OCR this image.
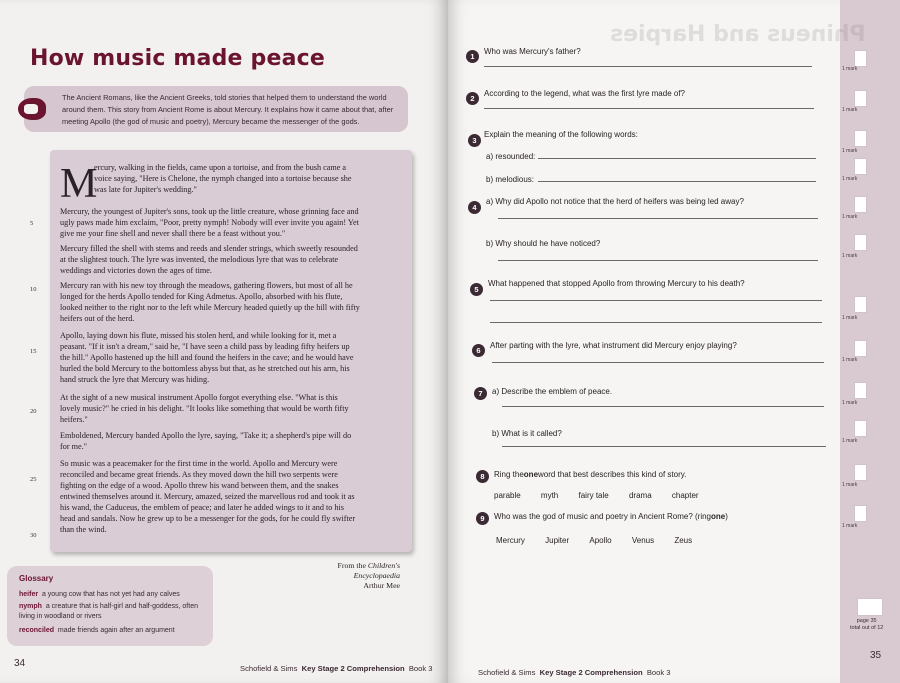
How music made peace
The Ancient Romans, like the Ancient Greeks, told stories that helped them to understand the world around them. This story from Ancient Rome is about Mercury. It explains how it came about that, after meeting Apollo (the god of music and poetry), Mercury became the messenger of the gods.
M

ercury, walking in the fields, came upon a tortoise, and from the bush came a voice saying, "Here is Chelone, the nymph changed into a tortoise because she was late for Jupiter's wedding."

Mercury, the youngest of Jupiter's sons, took up the little creature, whose grinning face and ugly paws made him exclaim, "Poor, pretty nymph! Nobody will ever invite you again! Yet give me your fine shell and never shall there be a feast without you."

Mercury filled the shell with stems and reeds and slender strings, which sweetly resounded at the slightest touch. The lyre was invented, the melodious lyre that was to celebrate weddings and victories down the ages of time.

Mercury ran with his new toy through the meadows, gathering flowers, but most of all he longed for the herds Apollo tended for King Admetus. Apollo, absorbed with his flute, looked neither to the right nor to the left while Mercury headed quietly up the hill with fifty heifers out of the herd.

Apollo, laying down his flute, missed his stolen herd, and while looking for it, met a peasant. "If it isn't a dream," said he, "I have seen a child pass by leading fifty heifers up the hill." Apollo hastened up the hill and found the heifers in the cave; and he would have hurled the bold Mercury to the bottomless abyss but that, as he stretched out his arm, his hand struck the lyre that Mercury was hiding.

At the sight of a new musical instrument Apollo forgot everything else. "What is this lovely music?" he cried in his delight. "It looks like something that would be worth fifty heifers."

Emboldened, Mercury handed Apollo the lyre, saying, "Take it; a shepherd's pipe will do for me."

So music was a peacemaker for the first time in the world. Apollo and Mercury were reconciled and became great friends. As they moved down the hill two serpents were fighting on the edge of a wood. Apollo threw his wand between them, and the snakes entwined themselves around it. Mercury, amazed, seized the marvellous rod and took it as his wand, the Caduceus, the emblem of peace; and later he added wings to it and to his head and sandals. Now he grew up to be a messenger for the gods, for he could fly swifter than the wind.

5
10
15
20
25
30
From the Children's Encyclopaedia
Arthur Mee
Glossary
heifer a young cow that has not yet had any calves
nymph a creature that is half-girl and half-goddess, often living in woodland or rivers
reconciled made friends again after an argument
34	Schofield & Sims Key Stage 2 Comprehension Book 3
Phineus and Harpies
1
Who was Mercury's father?
2
According to the legend, what was the first lyre made of?
3
Explain the meaning of the following words:
a) resounded:
b) melodious:
4
a) Why did Apollo not notice that the herd of heifers was being led away?
b) Why should he have noticed?
5
What happened that stopped Apollo from throwing Mercury to his death?
6
After parting with the lyre, what instrument did Mercury enjoy playing?
7	a) Describe the emblem of peace.
b) What is it called?
8	Ring theoneword that best describes this kind of story.
parable	myth	fairy tale	drama	chapter
9	Who was the god of music and poetry in Ancient Rome? (ringone)
Mercury	Jupiter	Apollo	Venus	Zeus
1 mark
1 mark
1 mark
1 mark
1 mark
1 mark
1 mark
1 mark
1 mark
1 mark
1 mark
1 mark
page 35
total out of 12
35
Schofield & Sims Key Stage 2 Comprehension Book 3
